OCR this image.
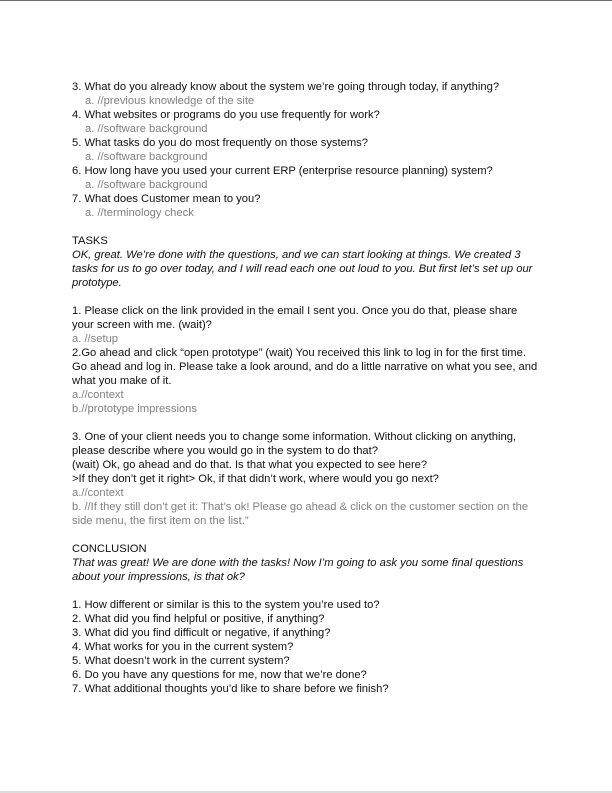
3. What do you already know about the system we’re going through today, if anything?
a. //previous knowledge of the site
4. What websites or programs do you use frequently for work?
a. //software background
5. What tasks do you do most frequently on those systems?
a. //software background
6. How long have you used your current ERP (enterprise resource planning) system?
a. //software background
7. What does Customer mean to you?
a. //terminology check
TASKS
OK, great. We’re done with the questions, and we can start looking at things. We created 3 tasks for us to go over today, and I will read each one out loud to you. But first let’s set up our prototype.
1. Please click on the link provided in the email I sent you. Once you do that, please share your screen with me. (wait)?
a. //setup
2.Go ahead and click “open prototype” (wait) You received this link to log in for the first time. Go ahead and log in. Please take a look around, and do a little narrative on what you see, and what you make of it.
a.//context
b.//prototype impressions
3. One of your client needs you to change some information. Without clicking on anything, please describe where you would go in the system to do that?
(wait) Ok, go ahead and do that. Is that what you expected to see here?
>If they don’t get it right> Ok, if that didn’t work, where would you go next?
a.//context
b. //If they still don’t get it: That’s ok! Please go ahead & click on the customer section on the side menu, the first item on the list.”
CONCLUSION
That was great! We are done with the tasks! Now I’m going to ask you some final questions about your impressions, is that ok?
1. How different or similar is this to the system you’re used to?
2. What did you find helpful or positive, if anything?
3. What did you find difficult or negative, if anything?
4. What works for you in the current system?
5. What doesn’t work in the current system?
6. Do you have any questions for me, now that we’re done?
7. What additional thoughts you’d like to share before we finish?
